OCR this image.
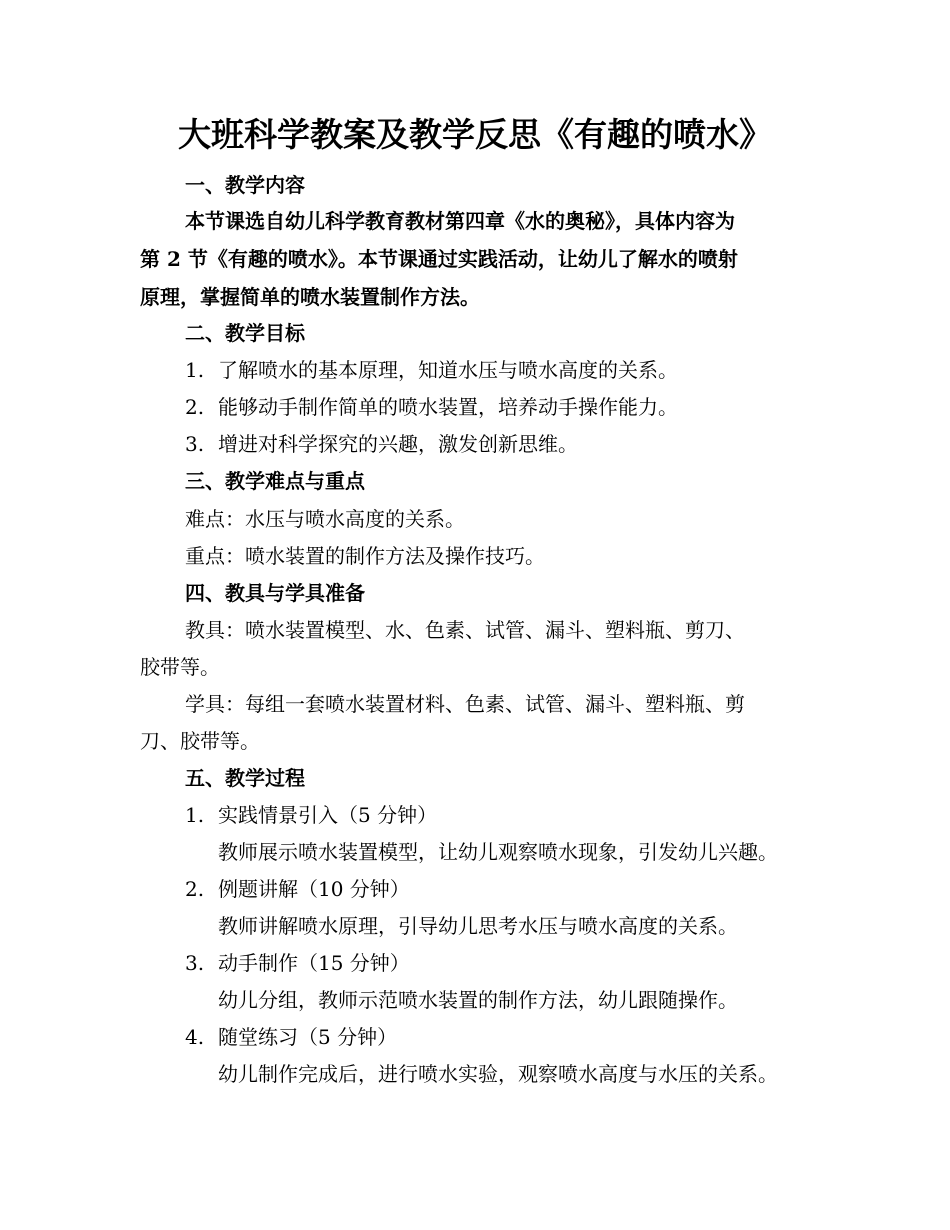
大班科学教案及教学反思《有趣的喷水》
一、教学内容
本节课选自幼儿科学教育教材第四章《水的奥秘》，具体内容为
第 2 节《有趣的喷水》。本节课通过实践活动，让幼儿了解水的喷射
原理，掌握简单的喷水装置制作方法。
二、教学目标
1. 了解喷水的基本原理，知道水压与喷水高度的关系。
2. 能够动手制作简单的喷水装置，培养动手操作能力。
3. 增进对科学探究的兴趣，激发创新思维。
三、教学难点与重点
难点：水压与喷水高度的关系。
重点：喷水装置的制作方法及操作技巧。
四、教具与学具准备
教具：喷水装置模型、水、色素、试管、漏斗、塑料瓶、剪刀、
胶带等。
学具：每组一套喷水装置材料、色素、试管、漏斗、塑料瓶、剪
刀、胶带等。
五、教学过程
1. 实践情景引入（5 分钟）
教师展示喷水装置模型，让幼儿观察喷水现象，引发幼儿兴趣。
2. 例题讲解（10 分钟）
教师讲解喷水原理，引导幼儿思考水压与喷水高度的关系。
3. 动手制作（15 分钟）
幼儿分组，教师示范喷水装置的制作方法，幼儿跟随操作。
4. 随堂练习（5 分钟）
幼儿制作完成后，进行喷水实验，观察喷水高度与水压的关系。
